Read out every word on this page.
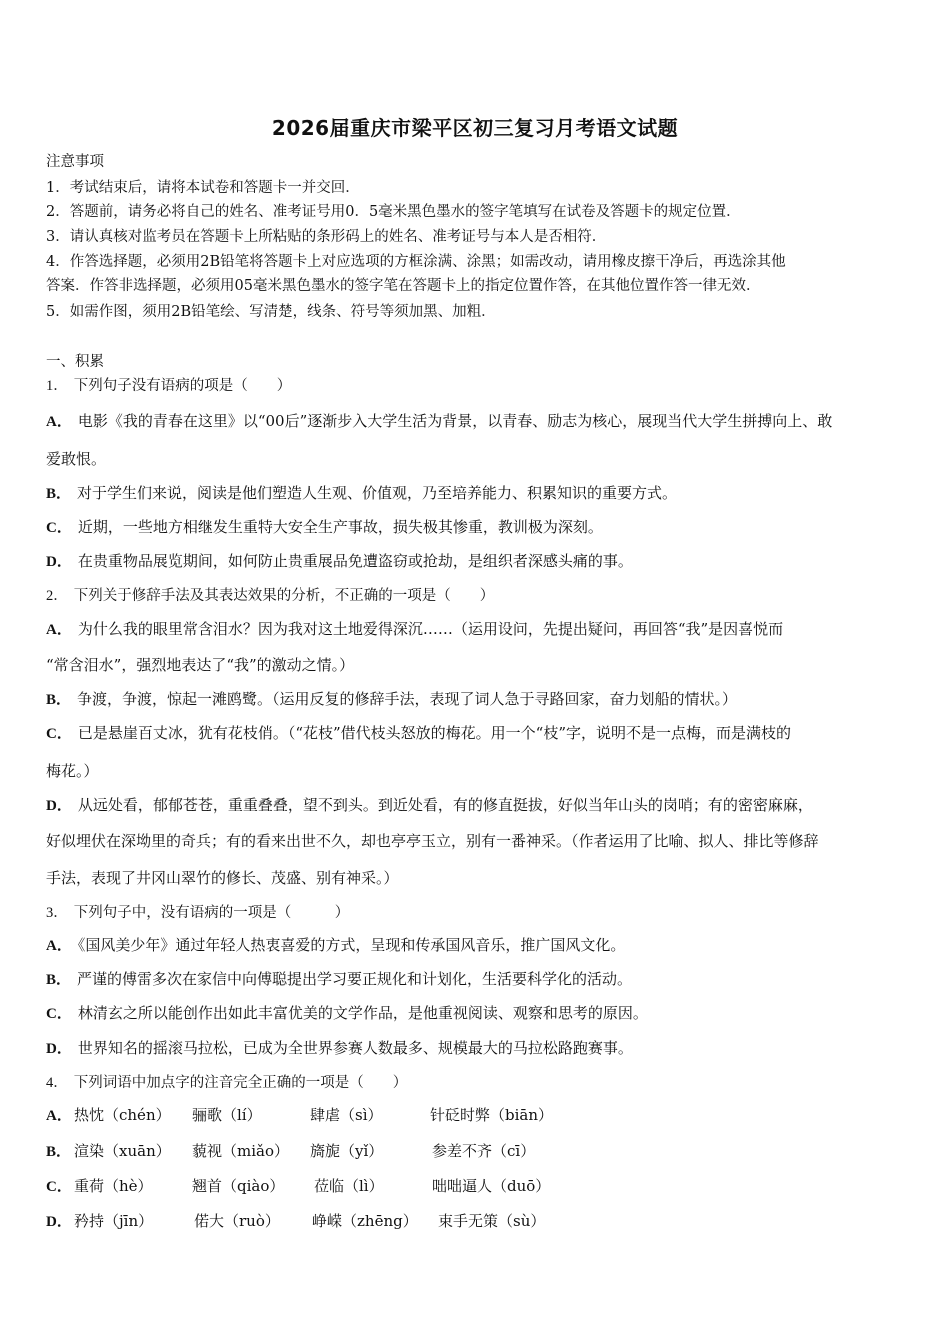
2026届重庆市梁平区初三复习月考语文试题
注意事项
1．考试结束后，请将本试卷和答题卡一并交回．
2．答题前，请务必将自己的姓名、准考证号用0．5毫米黑色墨水的签字笔填写在试卷及答题卡的规定位置．
3．请认真核对监考员在答题卡上所粘贴的条形码上的姓名、准考证号与本人是否相符．
4．作答选择题，必须用2B铅笔将答题卡上对应选项的方框涂满、涂黑；如需改动，请用橡皮擦干净后，再选涂其他
答案．作答非选择题，必须用05毫米黑色墨水的签字笔在答题卡上的指定位置作答，在其他位置作答一律无效．
5．如需作图，须用2B铅笔绘、写清楚，线条、符号等须加黑、加粗．
一、积累
1． 下列句子没有语病的项是（　　）
A． 电影《我的青春在这里》以“00后”逐渐步入大学生活为背景，以青春、励志为核心，展现当代大学生拼搏向上、敢
爱敢恨。
B． 对于学生们来说，阅读是他们塑造人生观、价值观，乃至培养能力、积累知识的重要方式。
C． 近期，一些地方相继发生重特大安全生产事故，损失极其惨重，教训极为深刻。
D． 在贵重物品展览期间，如何防止贵重展品免遭盗窃或抢劫，是组织者深感头痛的事。
2． 下列关于修辞手法及其表达效果的分析，不正确的一项是（　　）
A． 为什么我的眼里常含泪水？因为我对这土地爱得深沉……（运用设问，先提出疑问，再回答“我”是因喜悦而
“常含泪水”，强烈地表达了“我”的激动之情。）
B． 争渡，争渡，惊起一滩鸥鹭。（运用反复的修辞手法，表现了词人急于寻路回家，奋力划船的情状。）
C． 已是悬崖百丈冰，犹有花枝俏。（“花枝”借代枝头怒放的梅花。用一个“枝”字，说明不是一点梅，而是满枝的
梅花。）
D． 从远处看，郁郁苍苍，重重叠叠，望不到头。到近处看，有的修直挺拔，好似当年山头的岗哨；有的密密麻麻，
好似埋伏在深坳里的奇兵；有的看来出世不久，却也亭亭玉立，别有一番神采。（作者运用了比喻、拟人、排比等修辞
手法，表现了井冈山翠竹的修长、茂盛、别有神采。）
3． 下列句子中，没有语病的一项是（　　　）
A． 《国风美少年》通过年轻人热衷喜爱的方式，呈现和传承国风音乐，推广国风文化。
B． 严谨的傅雷多次在家信中向傅聪提出学习要正规化和计划化，生活要科学化的活动。
C． 林清玄之所以能创作出如此丰富优美的文学作品，是他重视阅读、观察和思考的原因。
D． 世界知名的摇滚马拉松，已成为全世界参赛人数最多、规模最大的马拉松路跑赛事。
4． 下列词语中加点字的注音完全正确的一项是（　　）
A． 热忱（chén） 骊歌（lí）	肆虐（sì）	针砭时弊（biān）
B． 渲染（xuān） 藐视（miǎo） 旖旎（yǐ）	参差不齐（cī）
C． 重荷（hè）	翘首（qiào） 莅临（lì）	咄咄逼人（duō）
D． 矜持（jīn）	偌大（ruò） 峥嵘（zhēng） 束手无策（sù）
